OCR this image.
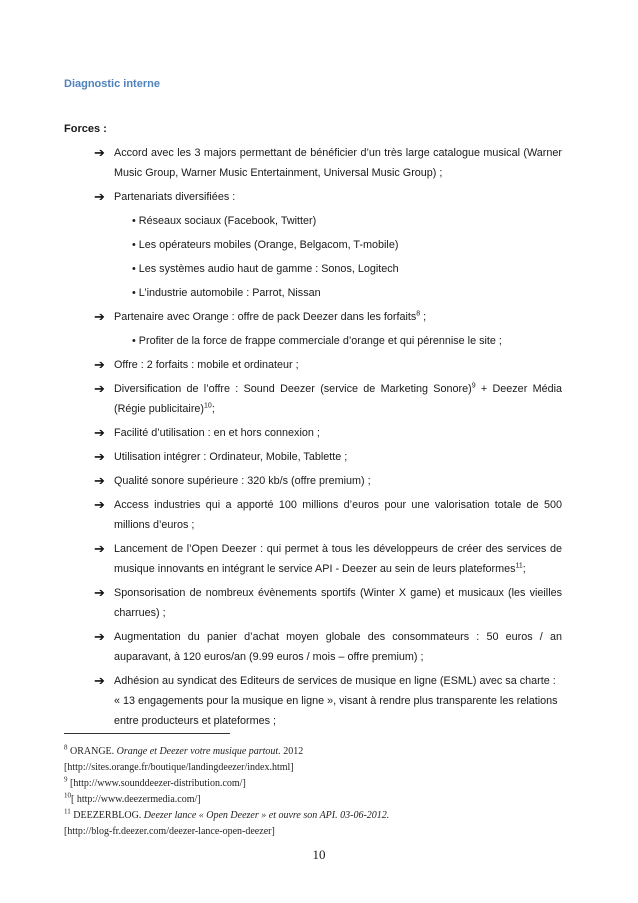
Diagnostic interne
Forces :
➔ Accord avec les 3 majors permettant de bénéficier d’un très large catalogue musical (Warner Music Group, Warner Music Entertainment, Universal Music Group) ;
➔ Partenariats diversifiées :
• Réseaux sociaux (Facebook, Twitter)
• Les opérateurs mobiles (Orange, Belgacom, T-mobile)
• Les systèmes audio haut de gamme : Sonos, Logitech
• L’industrie automobile : Parrot, Nissan
➔ Partenaire avec Orange : offre de pack Deezer dans les forfaits$^8$ ;
• Profiter de la force de frappe commerciale d’orange et qui pérennise le site ;
➔ Offre : 2 forfaits : mobile et ordinateur ;
➔ Diversification de l’offre : Sound Deezer (service de Marketing Sonore)$^9$ + Deezer Média (Régie publicitaire)$^{10}$;
➔ Facilité d’utilisation : en et hors connexion ;
➔ Utilisation intégrer : Ordinateur, Mobile, Tablette ;
➔ Qualité sonore supérieure : 320 kb/s (offre premium) ;
➔ Access industries qui a apporté 100 millions d’euros pour une valorisation totale de 500 millions d’euros ;
➔ Lancement de l’Open Deezer : qui permet à tous les développeurs de créer des services de musique innovants en intégrant le service API - Deezer au sein de leurs plateformes$^{11}$;
➔ Sponsorisation de nombreux évènements sportifs (Winter X game) et musicaux (les vieilles charrues) ;
➔ Augmentation du panier d’achat moyen globale des consommateurs : 50 euros / an auparavant, à 120 euros/an (9.99 euros / mois – offre premium) ;
➔ Adhésion au syndicat des Editeurs de services de musique en ligne (ESML) avec sa charte : « 13 engagements pour la musique en ligne », visant à rendre plus transparente les relations entre producteurs et plateformes ;
$^8$ ORANGE. Orange et Deezer votre musique partout. 2012
[http://sites.orange.fr/boutique/landingdeezer/index.html]
$^9$ [http://www.sounddeezer-distribution.com/]
$^{10}$[ http://www.deezermedia.com/]
$^{11}$ DEEZERBLOG. Deezer lance « Open Deezer » et ouvre son API. 03-06-2012.
[http://blog-fr.deezer.com/deezer-lance-open-deezer]
10
